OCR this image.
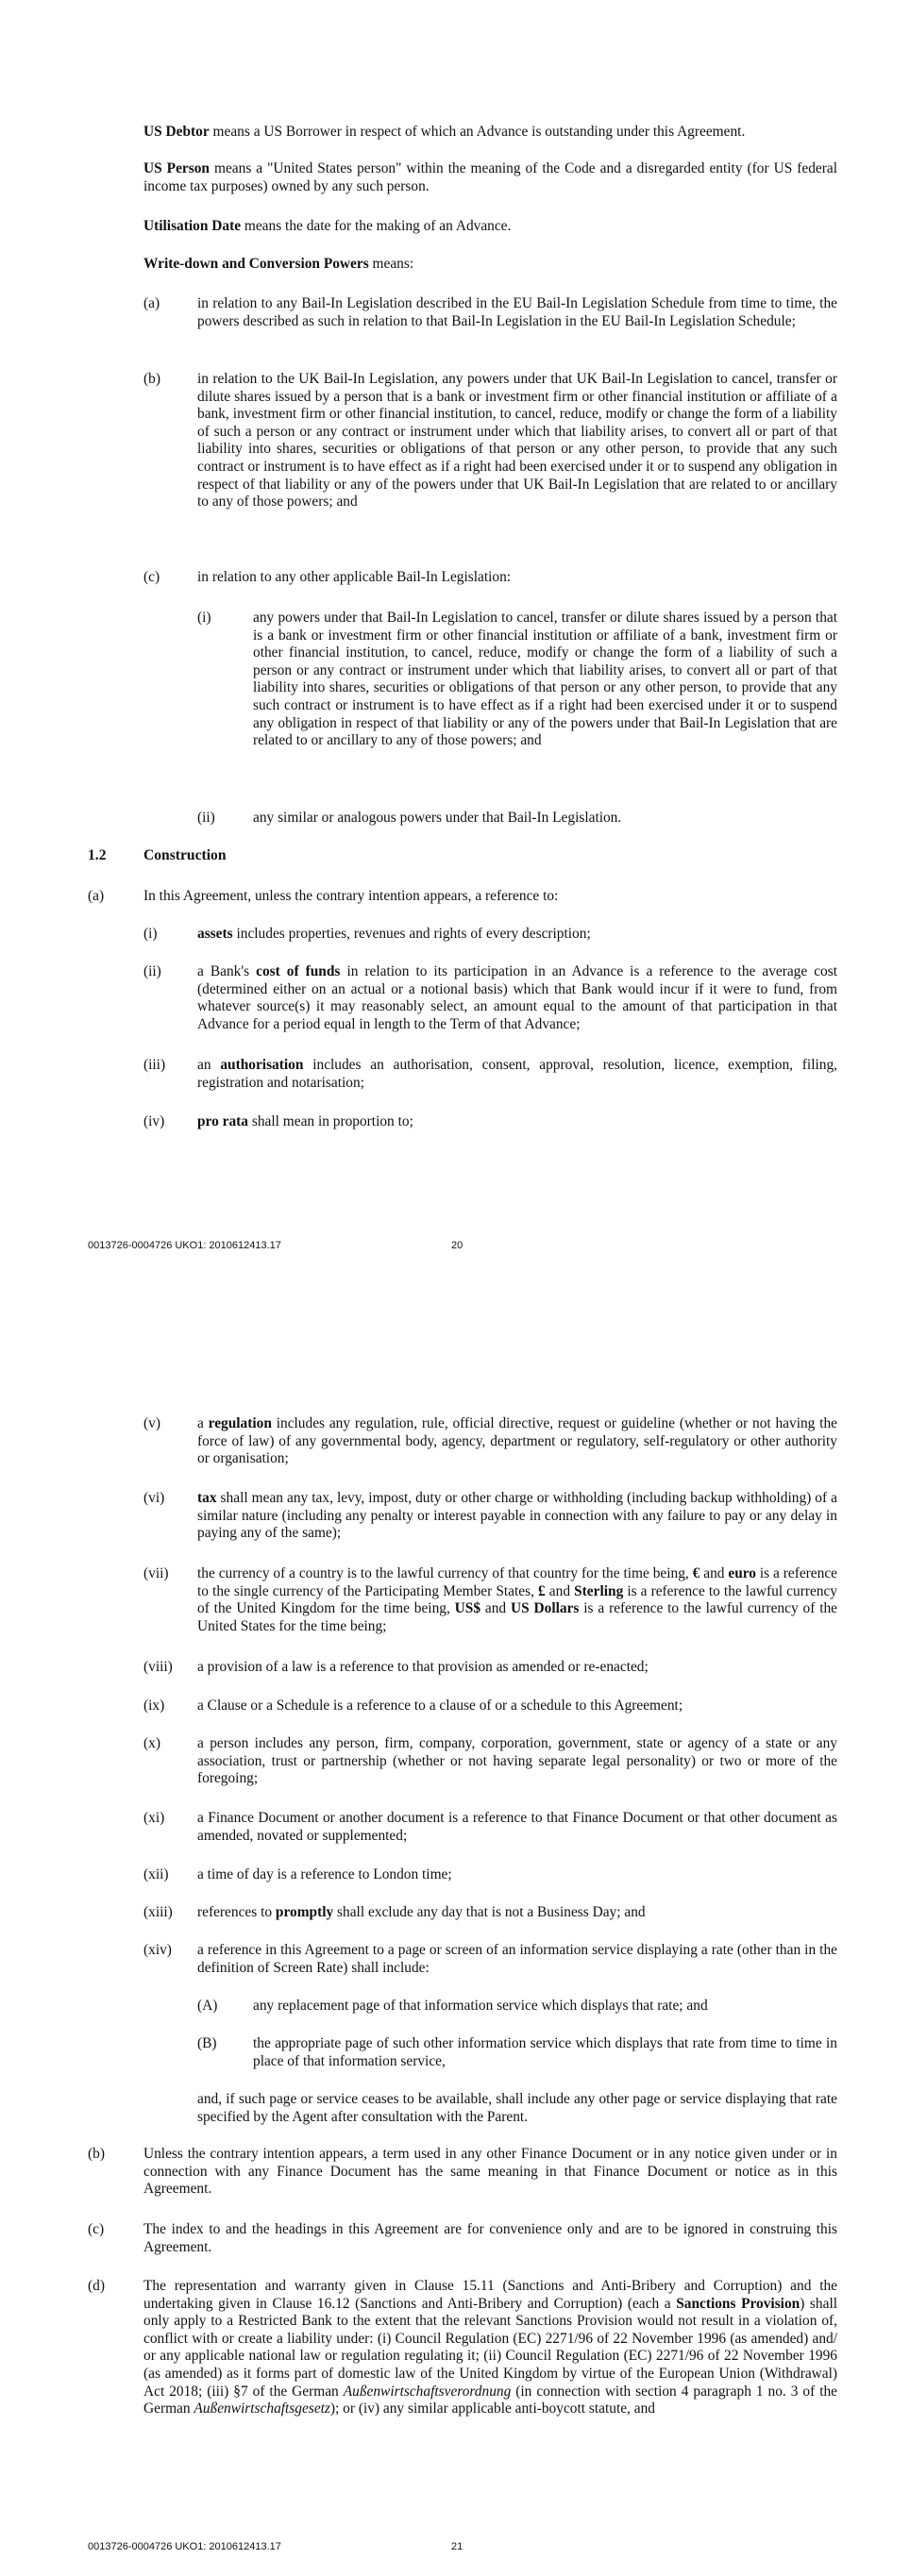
US Debtor means a US Borrower in respect of which an Advance is outstanding under this Agreement.

US Person means a "United States person" within the meaning of the Code and a disregarded entity (for US federal income tax purposes) owned by any such person.

Utilisation Date means the date for the making of an Advance.

Write-down and Conversion Powers means:

(a)	in relation to any Bail-In Legislation described in the EU Bail-In Legislation Schedule from time to time, the powers described as such in relation to that Bail-In Legislation in the EU Bail-In Legislation Schedule;

(b)	in relation to the UK Bail-In Legislation, any powers under that UK Bail-In Legislation to cancel, transfer or dilute shares issued by a person that is a bank or investment firm or other financial institution or affiliate of a bank, investment firm or other financial institution, to cancel, reduce, modify or change the form of a liability of such a person or any contract or instrument under which that liability arises, to convert all or part of that liability into shares, securities or obligations of that person or any other person, to provide that any such contract or instrument is to have effect as if a right had been exercised under it or to suspend any obligation in respect of that liability or any of the powers under that UK Bail-In Legislation that are related to or ancillary to any of those powers; and

(c)	in relation to any other applicable Bail-In Legislation:

(i)	any powers under that Bail-In Legislation to cancel, transfer or dilute shares issued by a person that is a bank or investment firm or other financial institution or affiliate of a bank, investment firm or other financial institution, to cancel, reduce, modify or change the form of a liability of such a person or any contract or instrument under which that liability arises, to convert all or part of that liability into shares, securities or obligations of that person or any other person, to provide that any such contract or instrument is to have effect as if a right had been exercised under it or to suspend any obligation in respect of that liability or any of the powers under that Bail-In Legislation that are related to or ancillary to any of those powers; and

(ii)	any similar or analogous powers under that Bail-In Legislation.

1.2	Construction

(a)	In this Agreement, unless the contrary intention appears, a reference to:

(i)	assets includes properties, revenues and rights of every description;

(ii) a Bank's cost of funds in relation to its participation in an Advance is a reference to the average cost (determined either on an actual or a notional basis) which that Bank would incur if it were to fund, from whatever source(s) it may reasonably select, an amount equal to the amount of that participation in that Advance for a period equal in length to the Term of that Advance;

(iii) an authorisation includes an authorisation, consent, approval, resolution, licence, exemption, filing, registration and notarisation;

(iv) pro rata shall mean in proportion to;

0013726-0004726 UKO1: 2010612413.17	20

(v)	a regulation includes any regulation, rule, official directive, request or guideline (whether or not having the force of law) of any governmental body, agency, department or regulatory, self-regulatory or other authority or organisation;

(vi) tax shall mean any tax, levy, impost, duty or other charge or withholding (including backup withholding) of a similar nature (including any penalty or interest payable in connection with any failure to pay or any delay in paying any of the same);

(vii) the currency of a country is to the lawful currency of that country for the time being, € and euro is a reference to the single currency of the Participating Member States, £ and Sterling is a reference to the lawful currency of the United Kingdom for the time being, US$ and US Dollars is a reference to the lawful currency of the United States for the time being;

(viii) a provision of a law is a reference to that provision as amended or re-enacted;

(ix) a Clause or a Schedule is a reference to a clause of or a schedule to this Agreement;

(x)	a person includes any person, firm, company, corporation, government, state or agency of a state or any association, trust or partnership (whether or not having separate legal personality) or two or more of the foregoing;

(xi) a Finance Document or another document is a reference to that Finance Document or that other document as amended, novated or supplemented;

(xii) a time of day is a reference to London time;

(xiii) references to promptly shall exclude any day that is not a Business Day; and

(xiv) a reference in this Agreement to a page or screen of an information service displaying a rate (other than in the definition of Screen Rate) shall include:

(A) any replacement page of that information service which displays that rate; and

(B) the appropriate page of such other information service which displays that rate from time to time in place of that information service,

and, if such page or service ceases to be available, shall include any other page or service displaying that rate specified by the Agent after consultation with the Parent.

(b)	Unless the contrary intention appears, a term used in any other Finance Document or in any notice given under or in connection with any Finance Document has the same meaning in that Finance Document or notice as in this Agreement.

(c)	The index to and the headings in this Agreement are for convenience only and are to be ignored in construing this Agreement.

(d)	The representation and warranty given in Clause 15.11 (Sanctions and Anti-Bribery and Corruption) and the undertaking given in Clause 16.12 (Sanctions and Anti-Bribery and Corruption) (each a Sanctions Provision) shall only apply to a Restricted Bank to the extent that the relevant Sanctions Provision would not result in a violation of, conflict with or create a liability under: (i) Council Regulation (EC) 2271/96 of 22 November 1996 (as amended) and/ or any applicable national law or regulation regulating it; (ii) Council Regulation (EC) 2271/96 of 22 November 1996 (as amended) as it forms part of domestic law of the United Kingdom by virtue of the European Union (Withdrawal) Act 2018; (iii) §7 of the German Außenwirtschaftsverordnung (in connection with section 4 paragraph 1 no. 3 of the German Außenwirtschaftsgesetz); or (iv) any similar applicable anti-boycott statute, and

0013726-0004726 UKO1: 2010612413.17	21
